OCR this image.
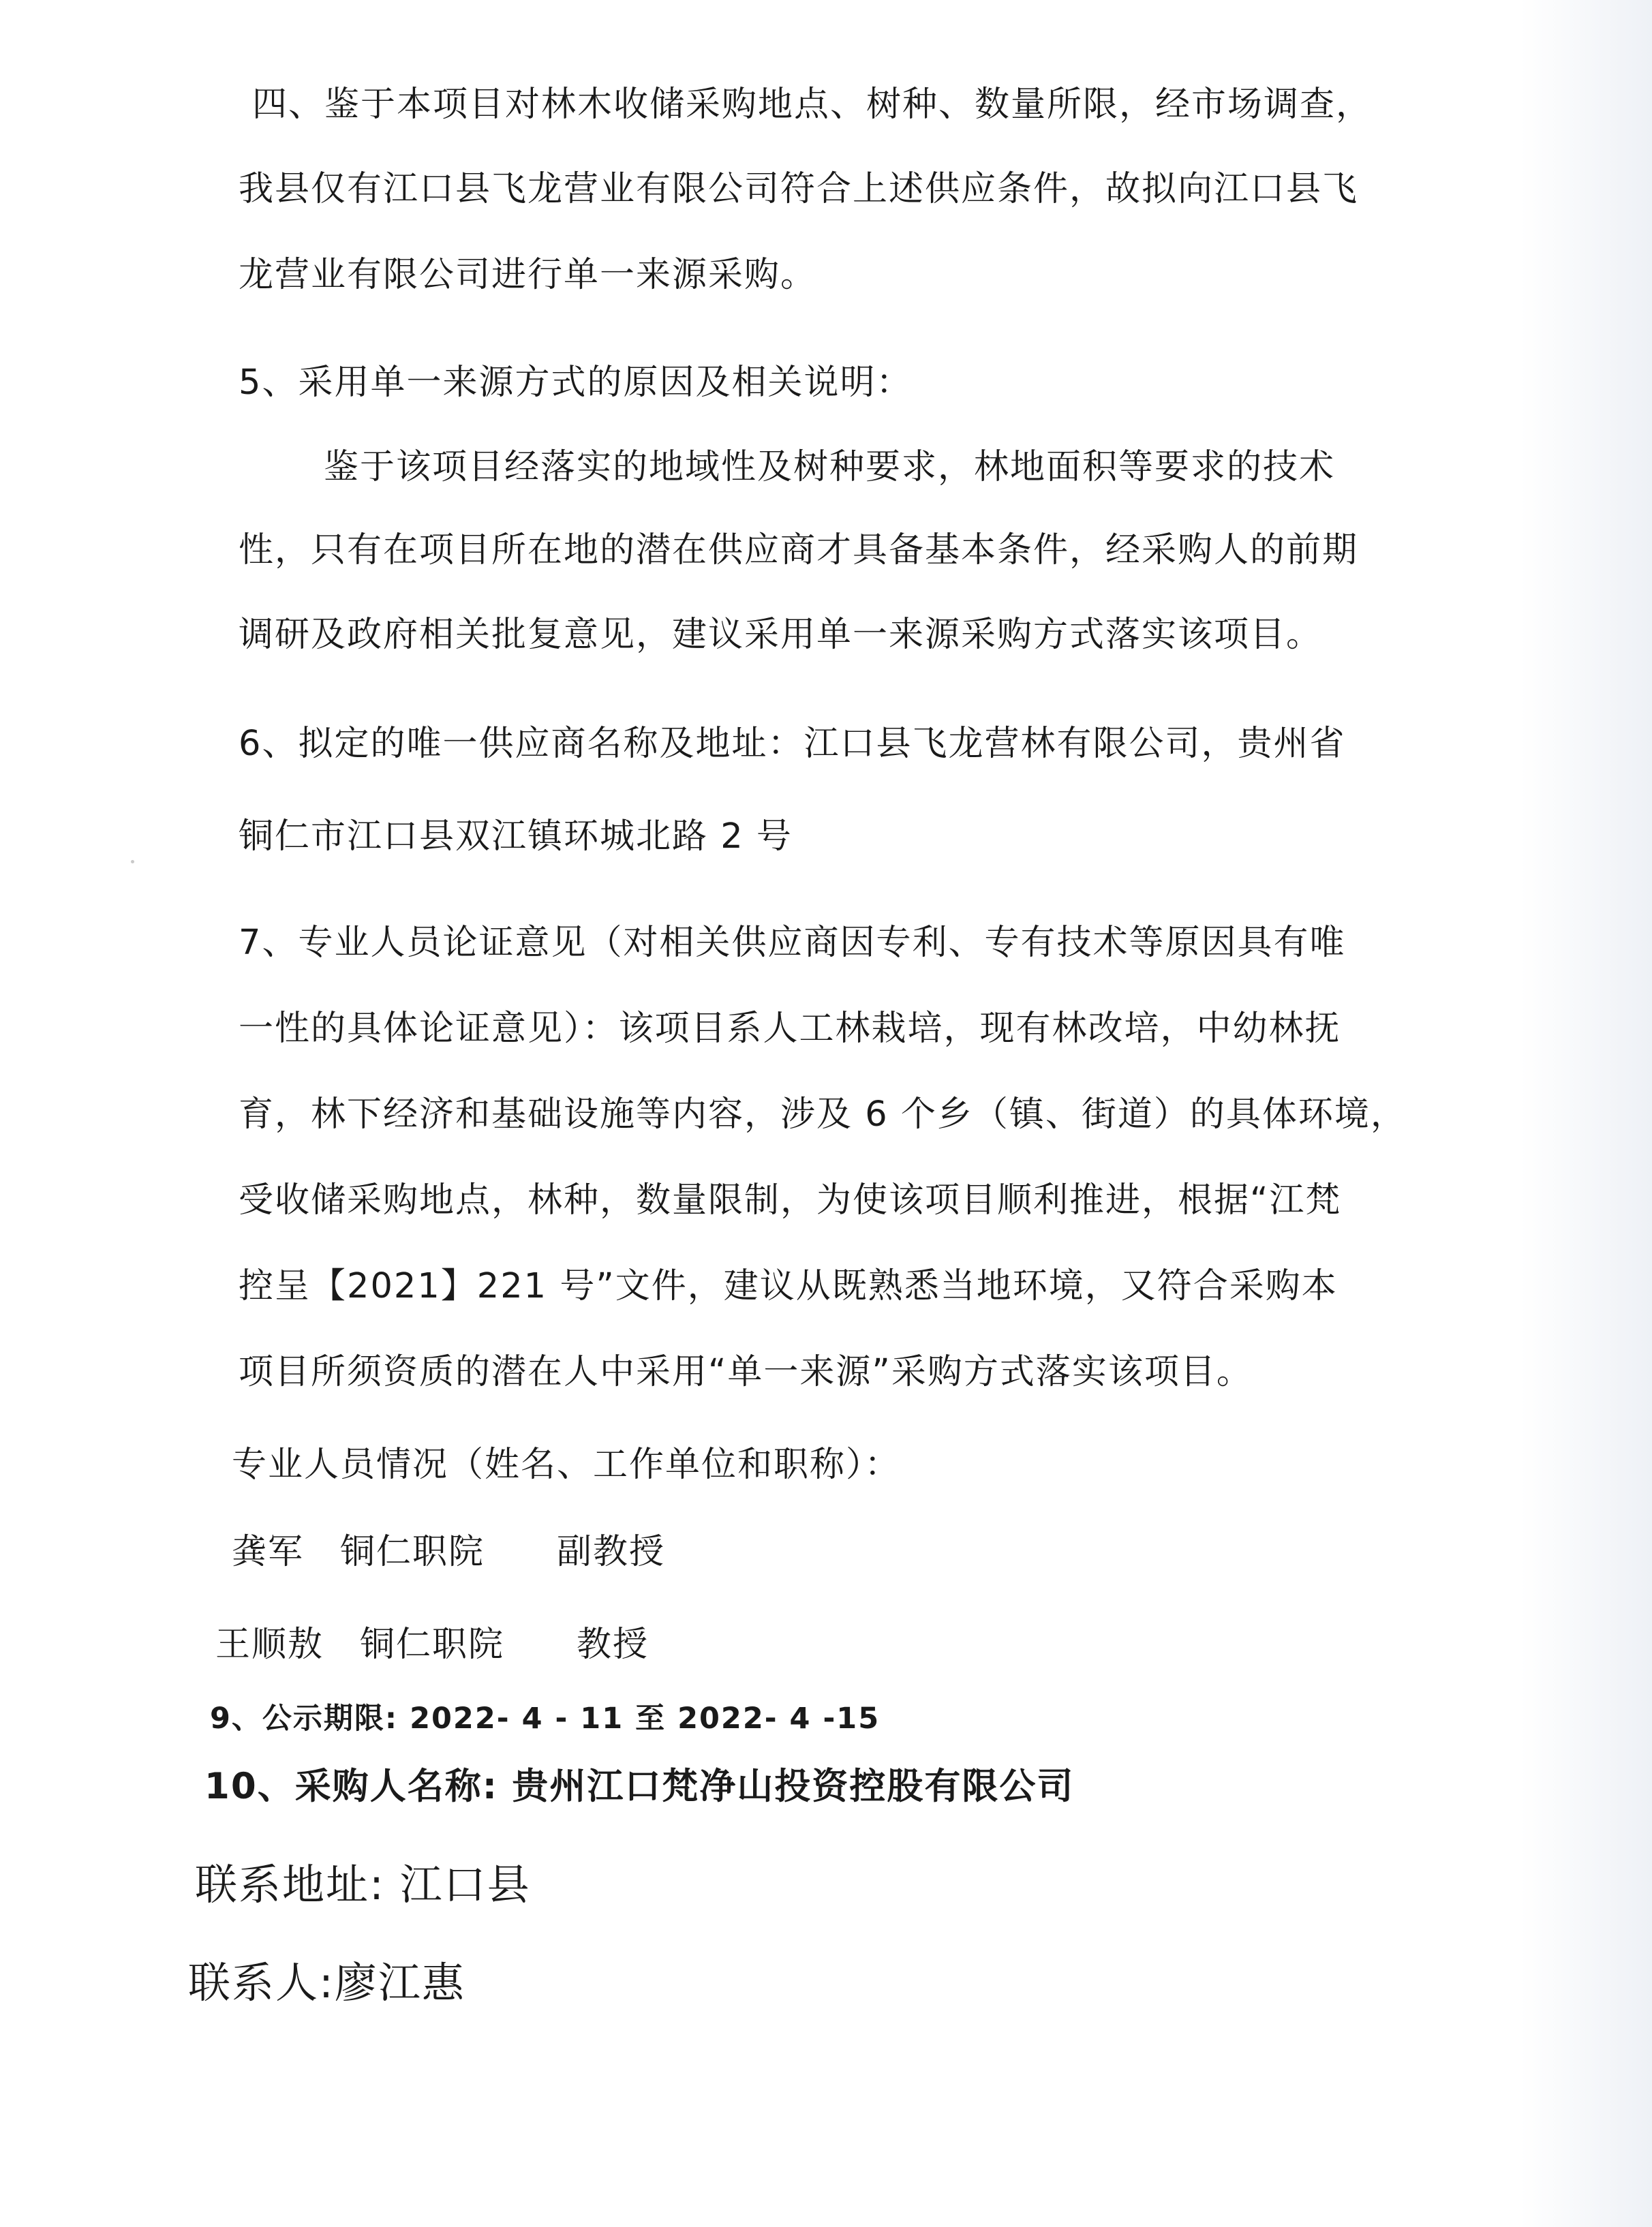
四、鉴于本项目对林木收储采购地点、树种、数量所限，经市场调查，
我县仅有江口县飞龙营业有限公司符合上述供应条件，故拟向江口县飞
龙营业有限公司进行单一来源采购。
5、采用单一来源方式的原因及相关说明：
鉴于该项目经落实的地域性及树种要求，林地面积等要求的技术
性，只有在项目所在地的潜在供应商才具备基本条件，经采购人的前期
调研及政府相关批复意见，建议采用单一来源采购方式落实该项目。
6、拟定的唯一供应商名称及地址：江口县飞龙营林有限公司，贵州省
铜仁市江口县双江镇环城北路 2 号
7、专业人员论证意见（对相关供应商因专利、专有技术等原因具有唯
一性的具体论证意见）：该项目系人工林栽培，现有林改培，中幼林抚
育，林下经济和基础设施等内容，涉及 6 个乡（镇、街道）的具体环境，
受收储采购地点，林种，数量限制，为使该项目顺利推进，根据“江梵
控呈【2021】221 号”文件，建议从既熟悉当地环境，又符合采购本
项目所须资质的潜在人中采用“单一来源”采购方式落实该项目。
专业人员情况（姓名、工作单位和职称）：
龚军　铜仁职院　　副教授
王顺敖　铜仁职院　　教授
9、公示期限: 2022- 4 - 11 至 2022- 4 -15
10、采购人名称: 贵州江口梵净山投资控股有限公司
联系地址: 江口县
联系人:廖江惠
